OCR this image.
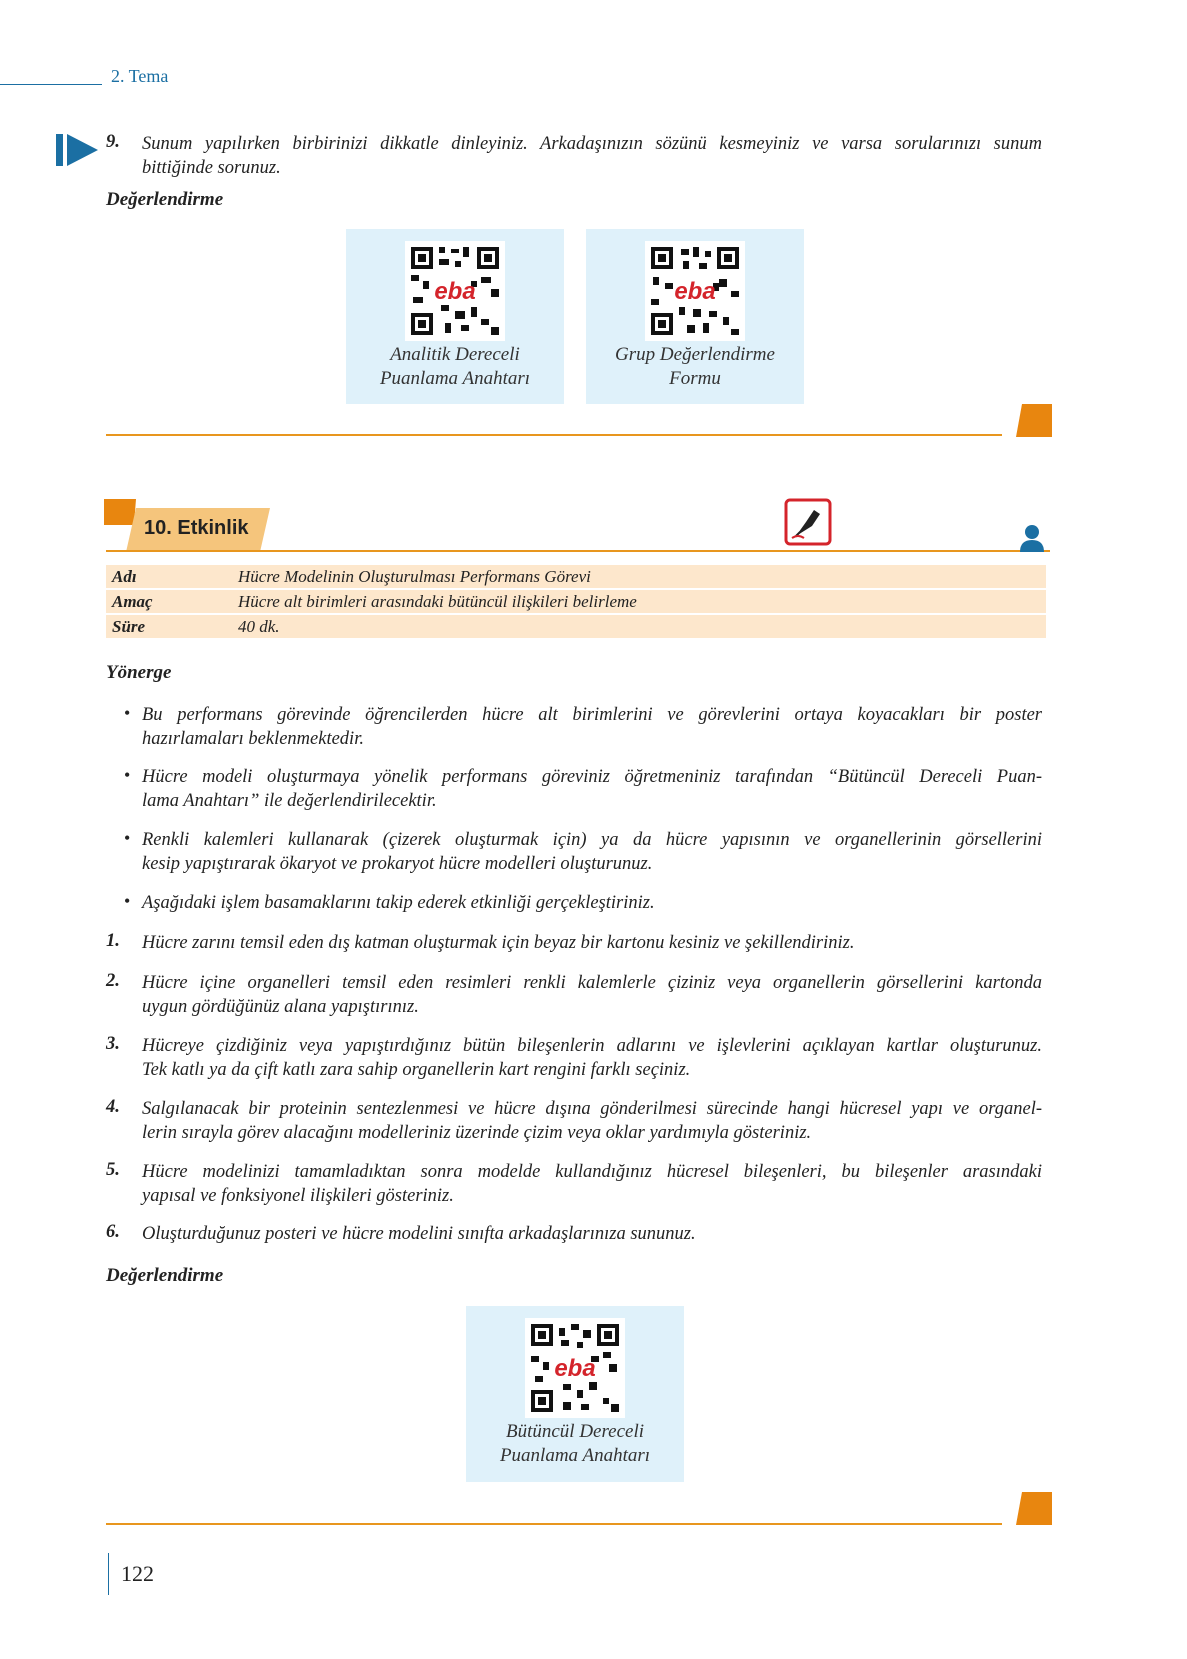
2. Tema
9. Sunum yapılırken birbirinizi dikkatle dinleyiniz. Arkadaşınızın sözünü kesmeyiniz ve varsa sorularınızı sunum
bittiğinde sorunuz.
Değerlendirme
eba
Analitik Dereceli
Puanlama Anahtarı
eba
Grup Değerlendirme
Formu
10. Etkinlik
Adı	Hücre Modelinin Oluşturulması Performans Görevi
Amaç	Hücre alt birimleri arasındaki bütüncül ilişkileri belirleme
Süre	40 dk.
Yönerge
• Bu performans görevinde öğrencilerden hücre alt birimlerini ve görevlerini ortaya koyacakları bir poster
hazırlamaları beklenmektedir.
• Hücre modeli oluşturmaya yönelik performans göreviniz öğretmeniniz tarafından “Bütüncül Dereceli Puan-
lama Anahtarı” ile değerlendirilecektir.
• Renkli kalemleri kullanarak (çizerek oluşturmak için) ya da hücre yapısının ve organellerinin görsellerini
kesip yapıştırarak ökaryot ve prokaryot hücre modelleri oluşturunuz.
• Aşağıdaki işlem basamaklarını takip ederek etkinliği gerçekleştiriniz.
1. Hücre zarını temsil eden dış katman oluşturmak için beyaz bir kartonu kesiniz ve şekillendiriniz.
2. Hücre içine organelleri temsil eden resimleri renkli kalemlerle çiziniz veya organellerin görsellerini kartonda
uygun gördüğünüz alana yapıştırınız.
3. Hücreye çizdiğiniz veya yapıştırdığınız bütün bileşenlerin adlarını ve işlevlerini açıklayan kartlar oluşturunuz.
Tek katlı ya da çift katlı zara sahip organellerin kart rengini farklı seçiniz.
4. Salgılanacak bir proteinin sentezlenmesi ve hücre dışına gönderilmesi sürecinde hangi hücresel yapı ve organel-
lerin sırayla görev alacağını modelleriniz üzerinde çizim veya oklar yardımıyla gösteriniz.
5. Hücre modelinizi tamamladıktan sonra modelde kullandığınız hücresel bileşenleri, bu bileşenler arasındaki
yapısal ve fonksiyonel ilişkileri gösteriniz.
6. Oluşturduğunuz posteri ve hücre modelini sınıfta arkadaşlarınıza sununuz.
Değerlendirme
eba
Bütüncül Dereceli
Puanlama Anahtarı
122
